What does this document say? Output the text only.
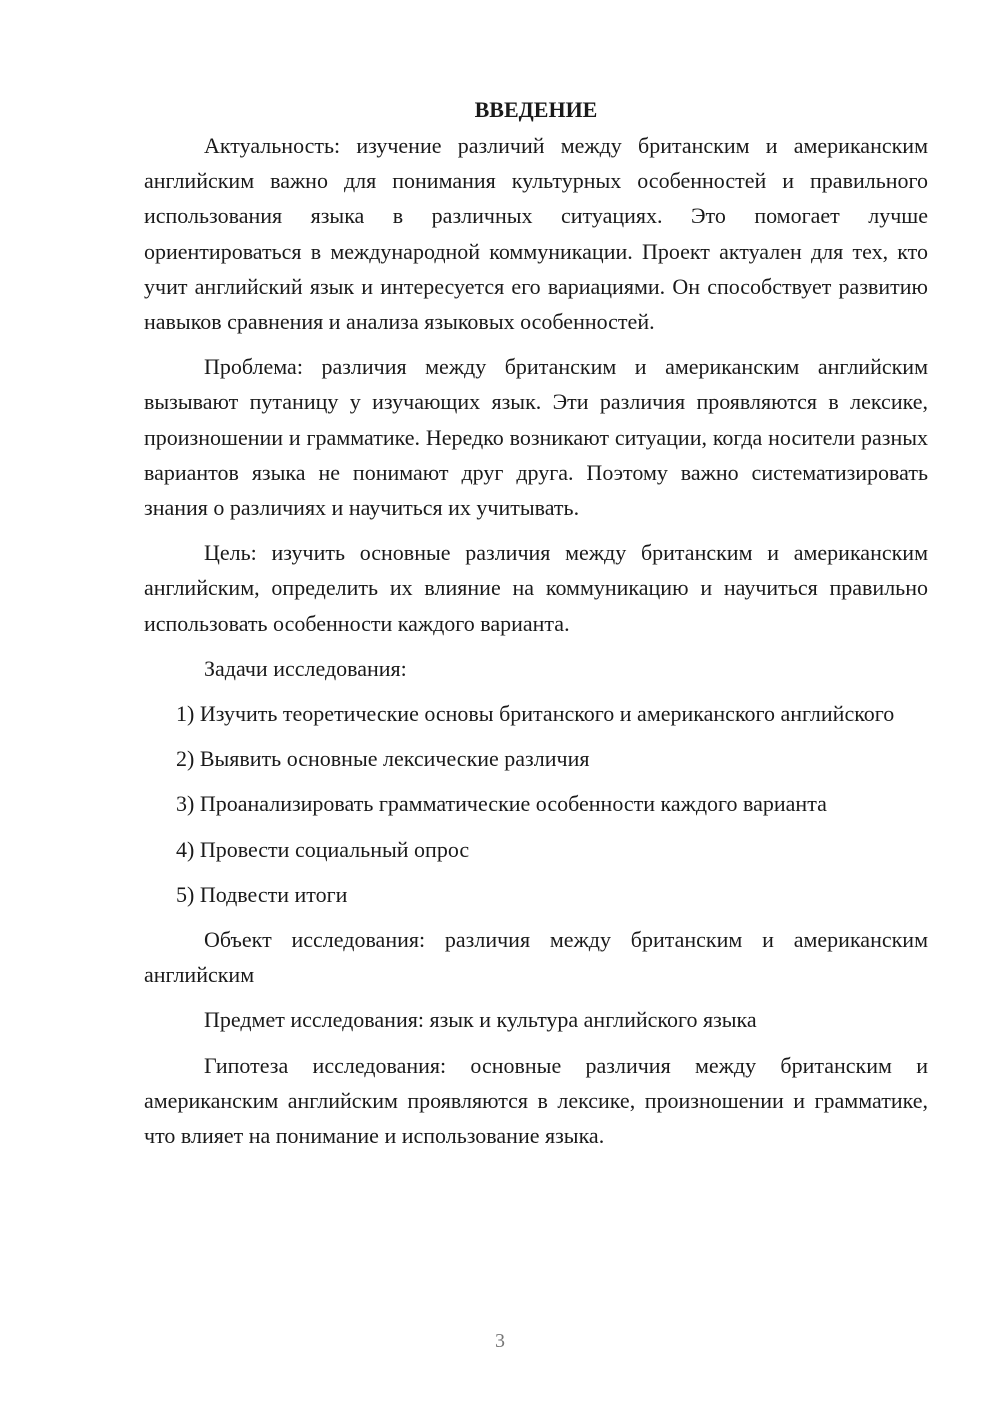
ВВЕДЕНИЕ

Актуальность: изучение различий между британским и американским английским важно для понимания культурных особенностей и правильного использования языка в различных ситуациях. Это помогает лучше ориентироваться в международной коммуникации. Проект актуален для тех, кто учит английский язык и интересуется его вариациями. Он способствует развитию навыков сравнения и анализа языковых особенностей.

Проблема: различия между британским и американским английским вызывают путаницу у изучающих язык. Эти различия проявляются в лексике, произношении и грамматике. Нередко возникают ситуации, когда носители разных вариантов языка не понимают друг друга. Поэтому важно систематизировать знания о различиях и научиться их учитывать.

Цель: изучить основные различия между британским и американским английским, определить их влияние на коммуникацию и научиться правильно использовать особенности каждого варианта.

Задачи исследования:

1) Изучить теоретические основы британского и американского английского

2) Выявить основные лексические различия

3) Проанализировать грамматические особенности каждого варианта

4) Провести социальный опрос

5) Подвести итоги

Объект исследования: различия между британским и американским английским

Предмет исследования: язык и культура английского языка

Гипотеза исследования: основные различия между британским и американским английским проявляются в лексике, произношении и грамматике, что влияет на понимание и использование языка.

3
